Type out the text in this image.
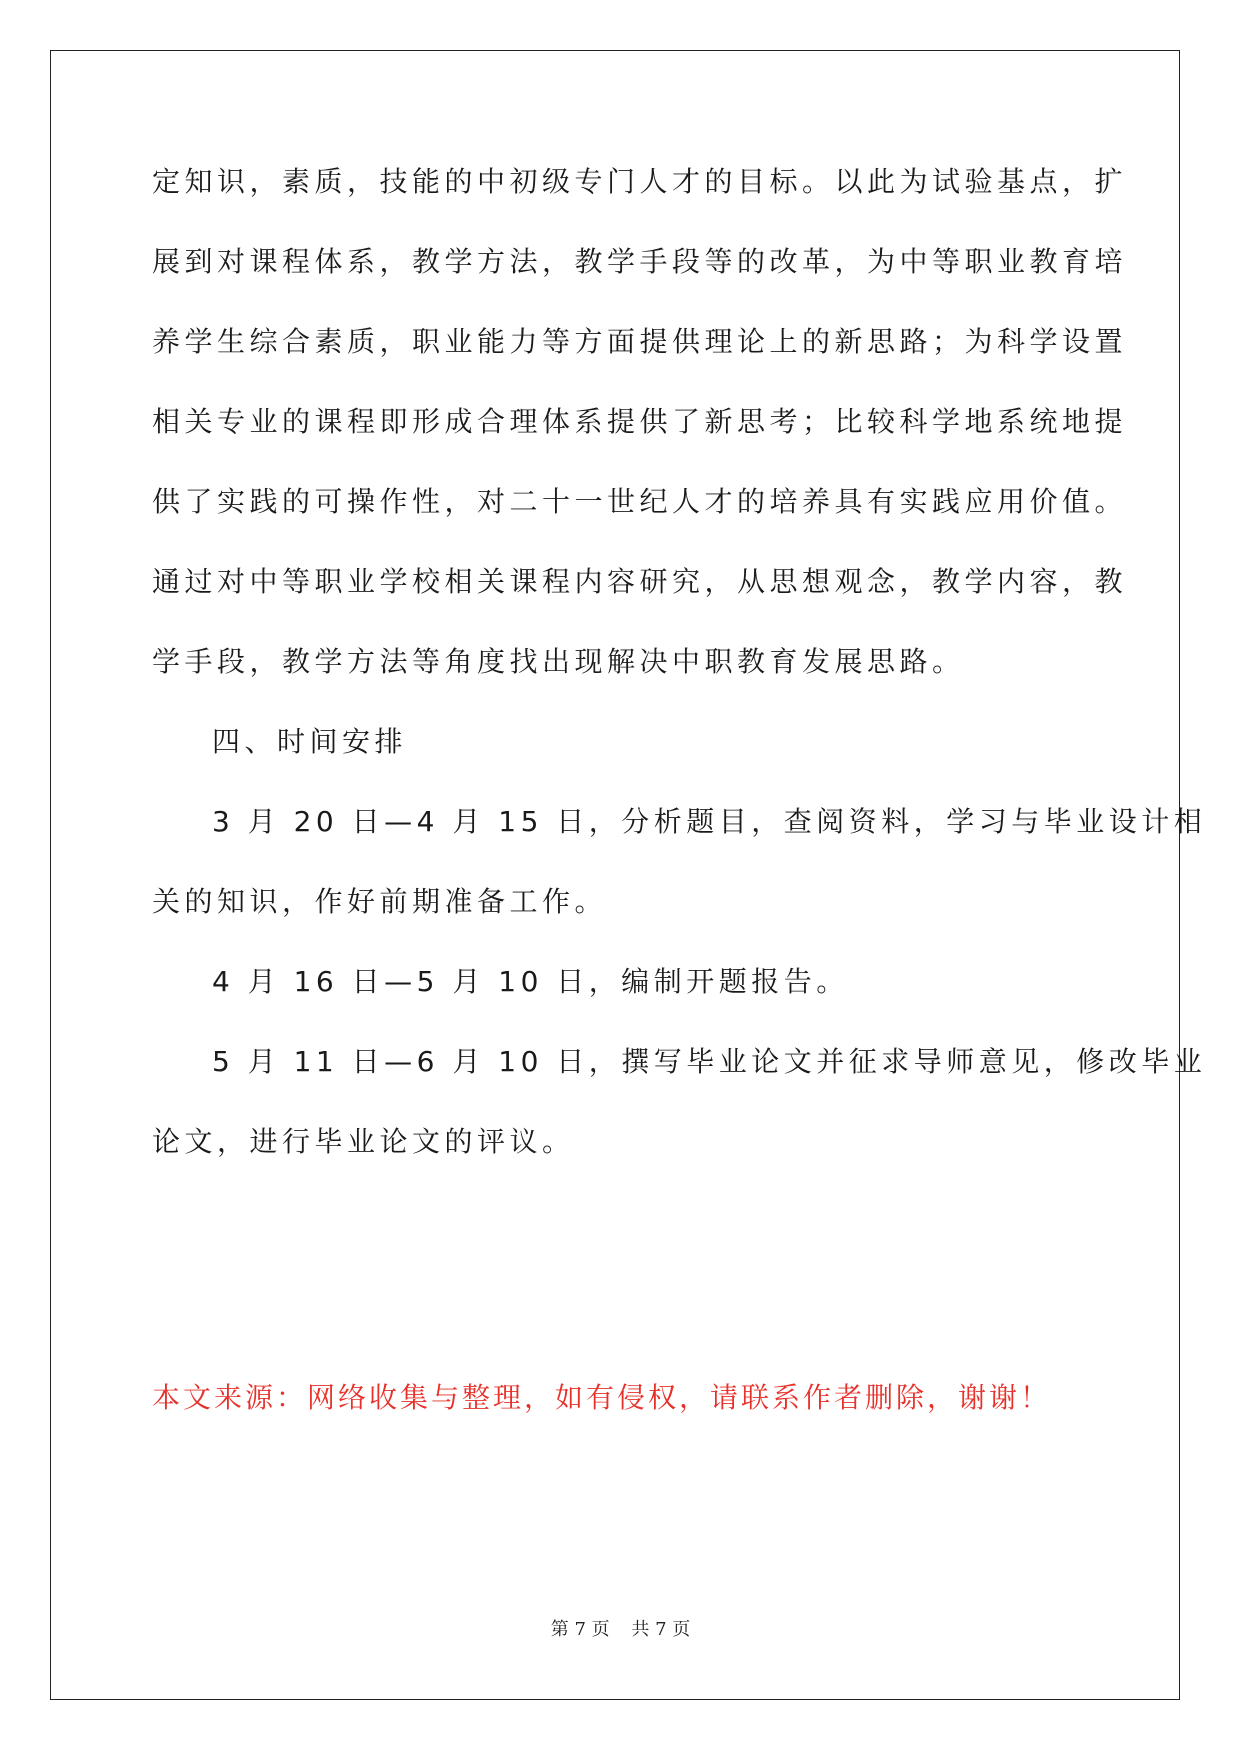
定知识，素质，技能的中初级专门人才的目标。以此为试验基点，扩
展到对课程体系，教学方法，教学手段等的改革，为中等职业教育培
养学生综合素质，职业能力等方面提供理论上的新思路；为科学设置
相关专业的课程即形成合理体系提供了新思考；比较科学地系统地提
供了实践的可操作性，对二十一世纪人才的培养具有实践应用价值。
通过对中等职业学校相关课程内容研究，从思想观念，教学内容，教
学手段，教学方法等角度找出现解决中职教育发展思路。
四、时间安排
3 月 20 日—4 月 15 日，分析题目，查阅资料，学习与毕业设计相
关的知识，作好前期准备工作。
4 月 16 日—5 月 10 日，编制开题报告。
5 月 11 日—6 月 10 日，撰写毕业论文并征求导师意见，修改毕业
论文，进行毕业论文的评议。
本文来源：网络收集与整理，如有侵权，请联系作者删除，谢谢！
第 7 页 共 7 页
